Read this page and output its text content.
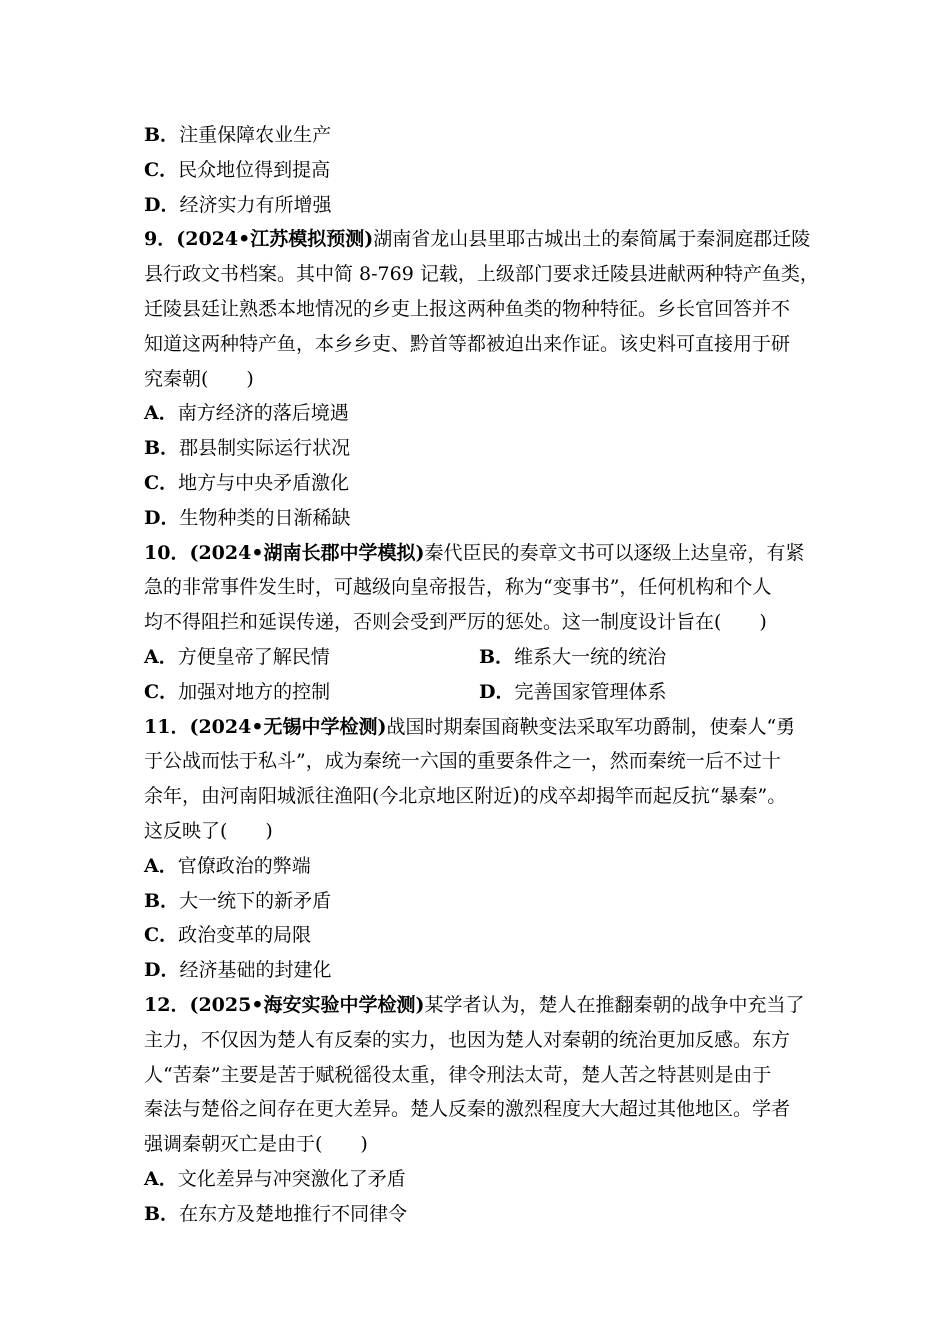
B．注重保障农业生产
C．民众地位得到提高
D．经济实力有所增强
9．(2024•江苏模拟预测)湖南省龙山县里耶古城出土的秦简属于秦洞庭郡迁陵
县行政文书档案。其中简 8-769 记载，上级部门要求迁陵县进献两种特产鱼类，
迁陵县廷让熟悉本地情况的乡吏上报这两种鱼类的物种特征。乡长官回答并不
知道这两种特产鱼，本乡乡吏、黔首等都被迫出来作证。该史料可直接用于研
究秦朝( )
A．南方经济的落后境遇
B．郡县制实际运行状况
C．地方与中央矛盾激化
D．生物种类的日渐稀缺
10．(2024•湖南长郡中学模拟)秦代臣民的奏章文书可以逐级上达皇帝，有紧
急的非常事件发生时，可越级向皇帝报告，称为“变事书”，任何机构和个人
均不得阻拦和延误传递，否则会受到严厉的惩处。这一制度设计旨在( )
A．方便皇帝了解民情	B．维系大一统的统治
C．加强对地方的控制	D．完善国家管理体系
11．(2024•无锡中学检测)战国时期秦国商鞅变法采取军功爵制，使秦人“勇
于公战而怯于私斗”，成为秦统一六国的重要条件之一，然而秦统一后不过十
余年，由河南阳城派往渔阳(今北京地区附近)的戍卒却揭竿而起反抗“暴秦”。
这反映了( )
A．官僚政治的弊端
B．大一统下的新矛盾
C．政治变革的局限
D．经济基础的封建化
12．(2025•海安实验中学检测)某学者认为，楚人在推翻秦朝的战争中充当了
主力，不仅因为楚人有反秦的实力，也因为楚人对秦朝的统治更加反感。东方
人“苦秦”主要是苦于赋税徭役太重，律令刑法太苛，楚人苦之特甚则是由于
秦法与楚俗之间存在更大差异。楚人反秦的激烈程度大大超过其他地区。学者
强调秦朝灭亡是由于( )
A．文化差异与冲突激化了矛盾
B．在东方及楚地推行不同律令
